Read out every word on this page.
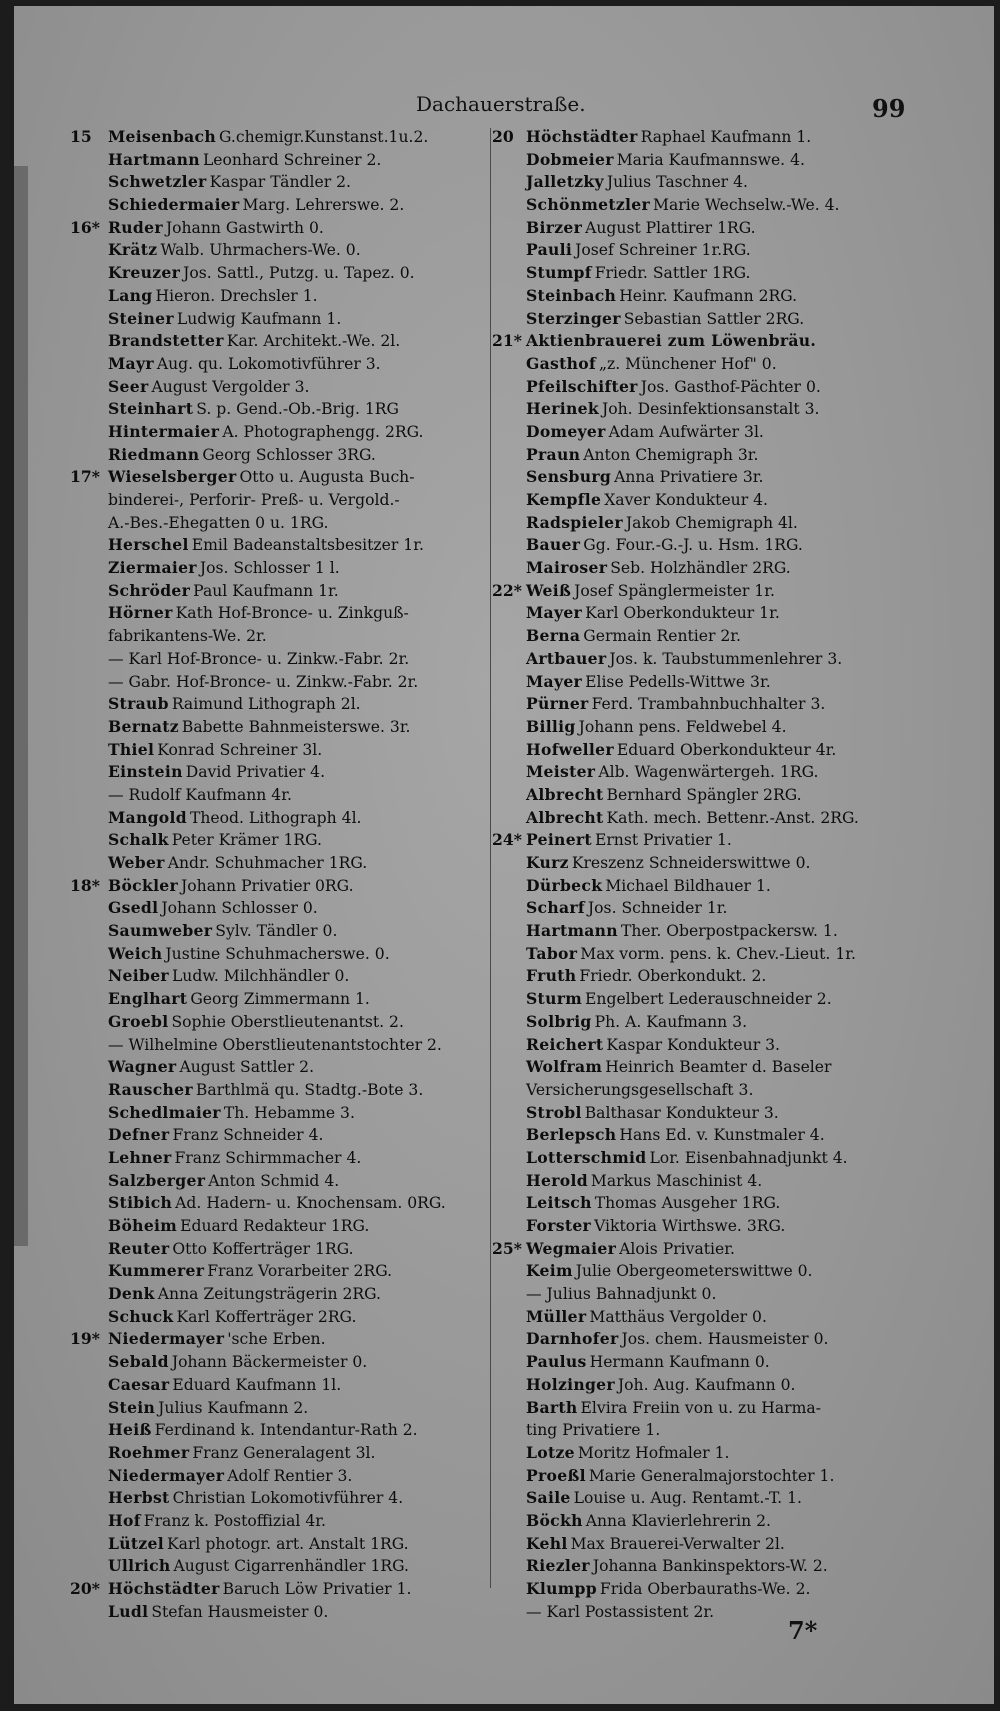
Dachauerstraße.	99
15	Meisenbach G.chemigr.Kunstanst.1u.2.
Hartmann Leonhard Schreiner 2.
Schwetzler Kaspar Tändler 2.
Schiedermaier Marg. Lehrerswe. 2.
16* Ruder Johann Gastwirth 0.
Krätz Walb. Uhrmachers-We. 0.
Kreuzer Jos. Sattl., Putzg. u. Tapez. 0.
Lang Hieron. Drechsler 1.
Steiner Ludwig Kaufmann 1.
Brandstetter Kar. Architekt.-We. 2l.
Mayr Aug. qu. Lokomotivführer 3.
Seer August Vergolder 3.
Steinhart S. p. Gend.-Ob.-Brig. 1RG
Hintermaier A. Photographengg. 2RG.
Riedmann Georg Schlosser 3RG.
17* Wieselsberger Otto u. Augusta Buch-
binderei-, Perforir- Preß- u. Vergold.-
A.-Bes.-Ehegatten 0 u. 1RG.
Herschel Emil Badeanstaltsbesitzer 1r.
Ziermaier Jos. Schlosser 1 l.
Schröder Paul Kaufmann 1r.
Hörner Kath Hof-Bronce- u. Zinkguß-
fabrikantens-We. 2r.
— Karl Hof-Bronce- u. Zinkw.-Fabr. 2r.
— Gabr. Hof-Bronce- u. Zinkw.-Fabr. 2r.
Straub Raimund Lithograph 2l.
Bernatz Babette Bahnmeisterswe. 3r.
Thiel Konrad Schreiner 3l.
Einstein David Privatier 4.
— Rudolf Kaufmann 4r.
Mangold Theod. Lithograph 4l.
Schalk Peter Krämer 1RG.
Weber Andr. Schuhmacher 1RG.
18* Böckler Johann Privatier 0RG.
Gsedl Johann Schlosser 0.
Saumweber Sylv. Tändler 0.
Weich Justine Schuhmacherswe. 0.
Neiber Ludw. Milchhändler 0.
Englhart Georg Zimmermann 1.
Groebl Sophie Oberstlieutenantst. 2.
— Wilhelmine Oberstlieutenantstochter 2.
Wagner August Sattler 2.
Rauscher Barthlmä qu. Stadtg.-Bote 3.
Schedlmaier Th. Hebamme 3.
Defner Franz Schneider 4.
Lehner Franz Schirmmacher 4.
Salzberger Anton Schmid 4.
Stibich Ad. Hadern- u. Knochensam. 0RG.
Böheim Eduard Redakteur 1RG.
Reuter Otto Kofferträger 1RG.
Kummerer Franz Vorarbeiter 2RG.
Denk Anna Zeitungsträgerin 2RG.
Schuck Karl Kofferträger 2RG.
19* Niedermayer 'sche Erben.
Sebald Johann Bäckermeister 0.
Caesar Eduard Kaufmann 1l.
Stein Julius Kaufmann 2.
Heiß Ferdinand k. Intendantur-Rath 2.
Roehmer Franz Generalagent 3l.
Niedermayer Adolf Rentier 3.
Herbst Christian Lokomotivführer 4.
Hof Franz k. Postoffizial 4r.
Lützel Karl photogr. art. Anstalt 1RG.
Ullrich August Cigarrenhändler 1RG.
20* Höchstädter Baruch Löw Privatier 1.
Ludl Stefan Hausmeister 0.
20 Höchstädter Raphael Kaufmann 1.
Dobmeier Maria Kaufmannswe. 4.
Jalletzky Julius Taschner 4.
Schönmetzler Marie Wechselw.-We. 4.
Birzer August Plattirer 1RG.
Pauli Josef Schreiner 1r.RG.
Stumpf Friedr. Sattler 1RG.
Steinbach Heinr. Kaufmann 2RG.
Sterzinger Sebastian Sattler 2RG.
21* Aktienbrauerei zum Löwenbräu.
Gasthof „z. Münchener Hof" 0.
Pfeilschifter Jos. Gasthof-Pächter 0.
Herinek Joh. Desinfektionsanstalt 3.
Domeyer Adam Aufwärter 3l.
Praun Anton Chemigraph 3r.
Sensburg Anna Privatiere 3r.
Kempfle Xaver Kondukteur 4.
Radspieler Jakob Chemigraph 4l.
Bauer Gg. Four.-G.-J. u. Hsm. 1RG.
Mairoser Seb. Holzhändler 2RG.
22* Weiß Josef Spänglermeister 1r.
Mayer Karl Oberkondukteur 1r.
Berna Germain Rentier 2r.
Artbauer Jos. k. Taubstummenlehrer 3.
Mayer Elise Pedells-Wittwe 3r.
Pürner Ferd. Trambahnbuchhalter 3.
Billig Johann pens. Feldwebel 4.
Hofweller Eduard Oberkondukteur 4r.
Meister Alb. Wagenwärtergeh. 1RG.
Albrecht Bernhard Spängler 2RG.
Albrecht Kath. mech. Bettenr.-Anst. 2RG.
24* Peinert Ernst Privatier 1.
Kurz Kreszenz Schneiderswittwe 0.
Dürbeck Michael Bildhauer 1.
Scharf Jos. Schneider 1r.
Hartmann Ther. Oberpostpackersw. 1.
Tabor Max vorm. pens. k. Chev.-Lieut. 1r.
Fruth Friedr. Oberkondukt. 2.
Sturm Engelbert Lederauschneider 2.
Solbrig Ph. A. Kaufmann 3.
Reichert Kaspar Kondukteur 3.
Wolfram Heinrich Beamter d. Baseler
Versicherungsgesellschaft 3.
Strobl Balthasar Kondukteur 3.
Berlepsch Hans Ed. v. Kunstmaler 4.
Lotterschmid Lor. Eisenbahnadjunkt 4.
Herold Markus Maschinist 4.
Leitsch Thomas Ausgeher 1RG.
Forster Viktoria Wirthswe. 3RG.
25* Wegmaier Alois Privatier.
Keim Julie Obergeometerswittwe 0.
— Julius Bahnadjunkt 0.
Müller Matthäus Vergolder 0.
Darnhofer Jos. chem. Hausmeister 0.
Paulus Hermann Kaufmann 0.
Holzinger Joh. Aug. Kaufmann 0.
Barth Elvira Freiin von u. zu Harma-
ting Privatiere 1.
Lotze Moritz Hofmaler 1.
Proeßl Marie Generalmajorstochter 1.
Saile Louise u. Aug. Rentamt.-T. 1.
Böckh Anna Klavierlehrerin 2.
Kehl Max Brauerei-Verwalter 2l.
Riezler Johanna Bankinspektors-W. 2.
Klumpp Frida Oberbauraths-We. 2.
— Karl Postassistent 2r.
7*
